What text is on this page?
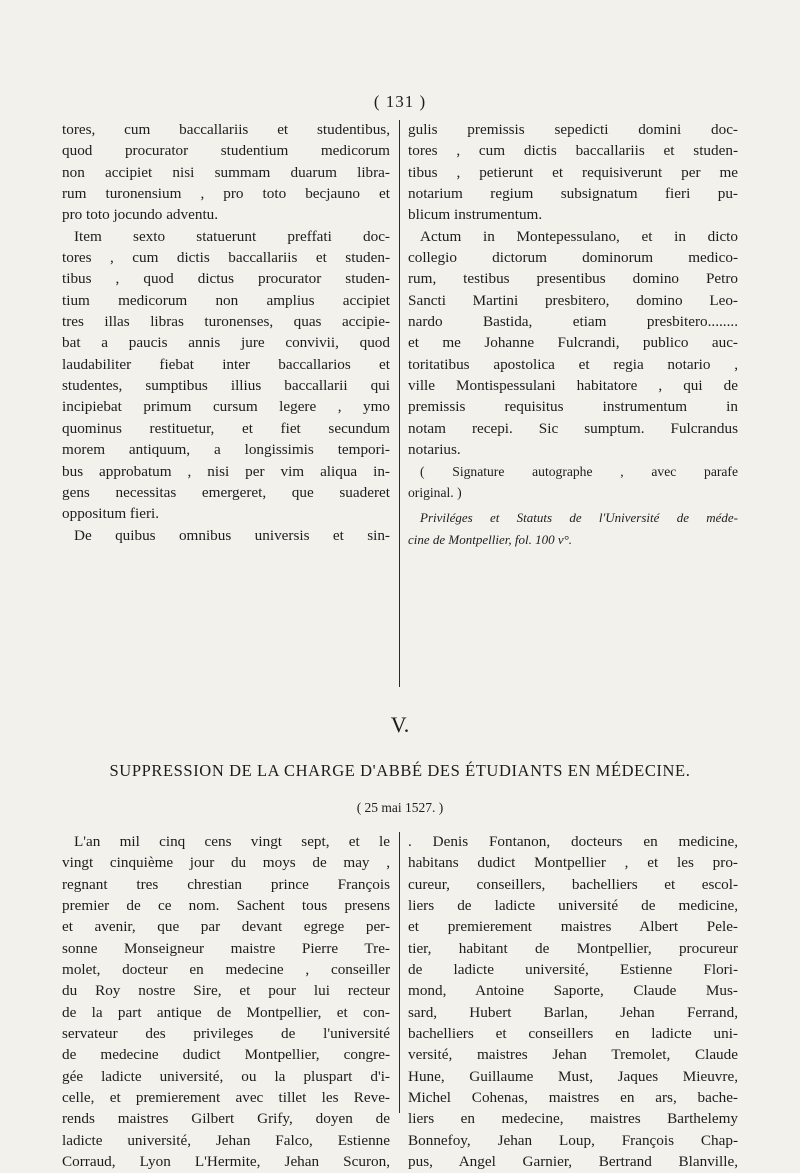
( 131 )

tores, cum baccallariis et studentibus,
quod procurator studentium medicorum
non accipiet nisi summam duarum libra-
rum turonensium , pro toto becjauno et
pro toto jocundo adventu.

Item sexto statuerunt preffati doc-
tores , cum dictis baccallariis et studen-
tibus , quod dictus procurator studen-
tium medicorum non amplius accipiet
tres illas libras turonenses, quas accipie-
bat a paucis annis jure convivii, quod
laudabiliter fiebat inter baccallarios et
studentes, sumptibus illius baccallarii qui
incipiebat primum cursum legere , ymo
quominus restituetur, et fiet secundum
morem antiquum, a longissimis tempori-
bus approbatum , nisi per vim aliqua in-
gens necessitas emergeret, que suaderet
oppositum fieri.

De quibus omnibus universis et sin-

gulis premissis sepedicti domini doc-
tores , cum dictis baccallariis et studen-
tibus , petierunt et requisiverunt per me
notarium regium subsignatum fieri pu-
blicum instrumentum.

Actum in Montepessulano, et in dicto
collegio dictorum dominorum medico-
rum, testibus presentibus domino Petro
Sancti Martini presbitero, domino Leo-
nardo Bastida, etiam presbitero........
et me Johanne Fulcrandi, publico auc-
toritatibus apostolica et regia notario ,
ville Montispessulani habitatore , qui de
premissis requisitus instrumentum in
notam recepi. Sic sumptum. Fulcrandus
notarius.

( Signature autographe , avec parafe
original. )

Priviléges et Statuts de l'Université de méde-
cine de Montpellier, fol. 100 v°.

V.
SUPPRESSION DE LA CHARGE D'ABBÉ DES ÉTUDIANTS EN MÉDECINE.
( 25 mai 1527. )

L'an mil cinq cens vingt sept, et le
vingt cinquième jour du moys de may ,
regnant tres chrestian prince François
premier de ce nom. Sachent tous presens
et avenir, que par devant egrege per-
sonne Monseigneur maistre Pierre Tre-
molet, docteur en medecine , conseiller
du Roy nostre Sire, et pour lui recteur
de la part antique de Montpellier, et con-
servateur des privileges de l'université
de medecine dudict Montpellier, congre-
gée ladicte université, ou la pluspart d'i-
celle, et premierement avec tillet les Reve-
rends maistres Gilbert Grify, doyen de
ladicte université, Jehan Falco, Estienne
Corraud, Lyon L'Hermite, Jehan Scuron,

. Denis Fontanon, docteurs en medicine,
habitans dudict Montpellier , et les pro-
cureur, conseillers, bachelliers et escol-
liers de ladicte université de medicine,
et premierement maistres Albert Pele-
tier, habitant de Montpellier, procureur
de ladicte université, Estienne Flori-
mond, Antoine Saporte, Claude Mus-
sard, Hubert Barlan, Jehan Ferrand,
bachelliers et conseillers en ladicte uni-
versité, maistres Jehan Tremolet, Claude
Hune, Guillaume Must, Jaques Mieuvre,
Michel Cohenas, maistres en ars, bache-
liers en medecine, maistres Barthelemy
Bonnefoy, Jehan Loup, François Chap-
pus, Angel Garnier, Bertrand Blanville,
